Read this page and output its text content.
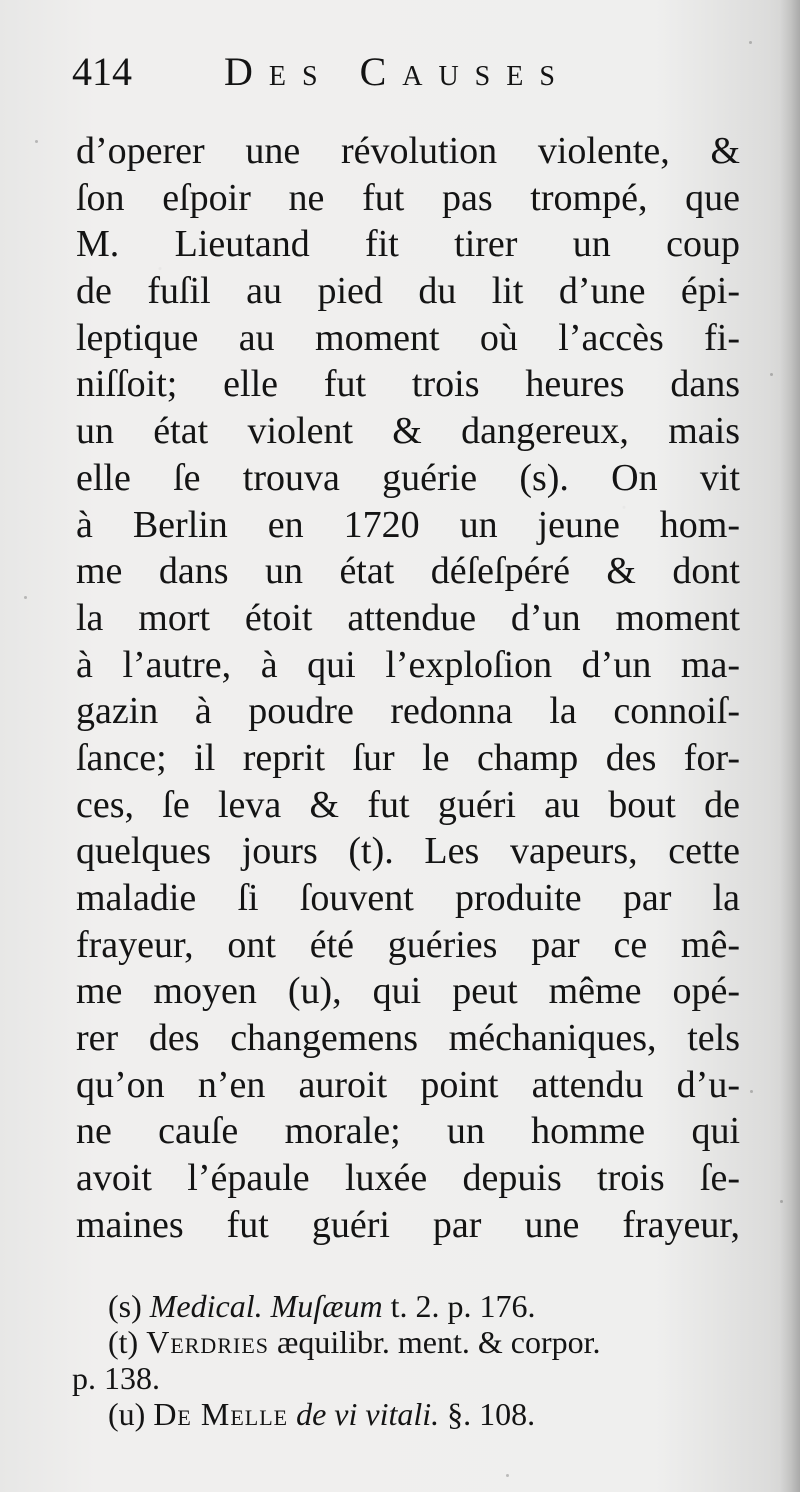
414 Des Causes
d’operer une révolution violente, &
ſon eſpoir ne fut pas trompé, que
M. Lieutand fit tirer un coup
de fuſil au pied du lit d’une épi-
leptique au moment où l’accès fi-
niſſoit; elle fut trois heures dans
un état violent & dangereux, mais
elle ſe trouva guérie (s). On vit
à Berlin en 1720 un jeune hom-
me dans un état déſeſpéré & dont
la mort étoit attendue d’un moment
à l’autre, à qui l’exploſion d’un ma-
gazin à poudre redonna la connoiſ-
ſance; il reprit ſur le champ des for-
ces, ſe leva & fut guéri au bout de
quelques jours (t). Les vapeurs, cette
maladie ſi ſouvent produite par la
frayeur, ont été guéries par ce mê-
me moyen (u), qui peut même opé-
rer des changemens méchaniques, tels
qu’on n’en auroit point attendu d’u-
ne cauſe morale; un homme qui
avoit l’épaule luxée depuis trois ſe-
maines fut guéri par une frayeur,
(s) Medical. Muſæum t. 2. p. 176.
(t) Verdries æquilibr. ment. & corpor.
p. 138.
(u) De Melle de vi vitali. §. 108.
